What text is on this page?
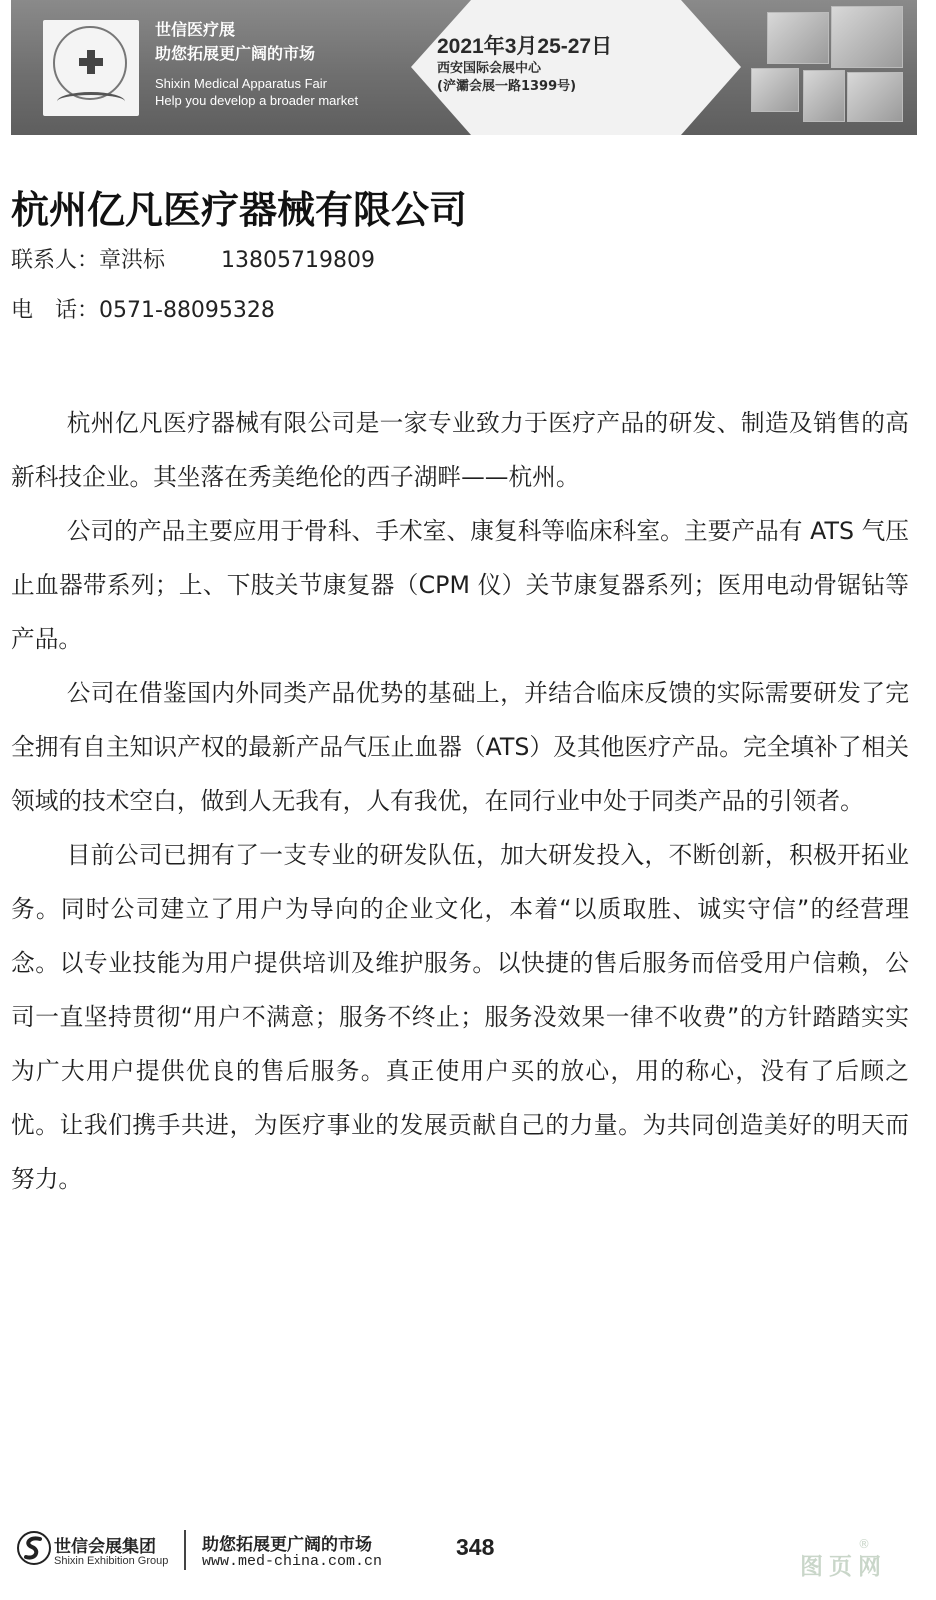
世信医疗展
助您拓展更广阔的市场
Shixin Medical Apparatus Fair
Help you develop a broader market
2021年3月25-27日
西安国际会展中心
(浐灞会展一路1399号)
杭州亿凡医疗器械有限公司
联系人：章洪标	13805719809
电　话：0571-88095328

杭州亿凡医疗器械有限公司是一家专业致力于医疗产品的研发、制造及销售的高新科技企业。其坐落在秀美绝伦的西子湖畔——杭州。

公司的产品主要应用于骨科、手术室、康复科等临床科室。主要产品有 ATS 气压止血器带系列；上、下肢关节康复器（CPM 仪）关节康复器系列；医用电动骨锯钻等产品。

公司在借鉴国内外同类产品优势的基础上，并结合临床反馈的实际需要研发了完全拥有自主知识产权的最新产品气压止血器（ATS）及其他医疗产品。完全填补了相关领域的技术空白，做到人无我有，人有我优，在同行业中处于同类产品的引领者。

目前公司已拥有了一支专业的研发队伍，加大研发投入，不断创新，积极开拓业务。同时公司建立了用户为导向的企业文化，本着“以质取胜、诚实守信”的经营理念。以专业技能为用户提供培训及维护服务。以快捷的售后服务而倍受用户信赖，公司一直坚持贯彻“用户不满意；服务不终止；服务没效果一律不收费”的方针踏踏实实为广大用户提供优良的售后服务。真正使用户买的放心，用的称心，没有了后顾之忧。让我们携手共进，为医疗事业的发展贡献自己的力量。为共同创造美好的明天而努力。

世信会展集团
Shixin Exhibition Group
助您拓展更广阔的市场
www.med-china.com.cn
348
图页网
®
